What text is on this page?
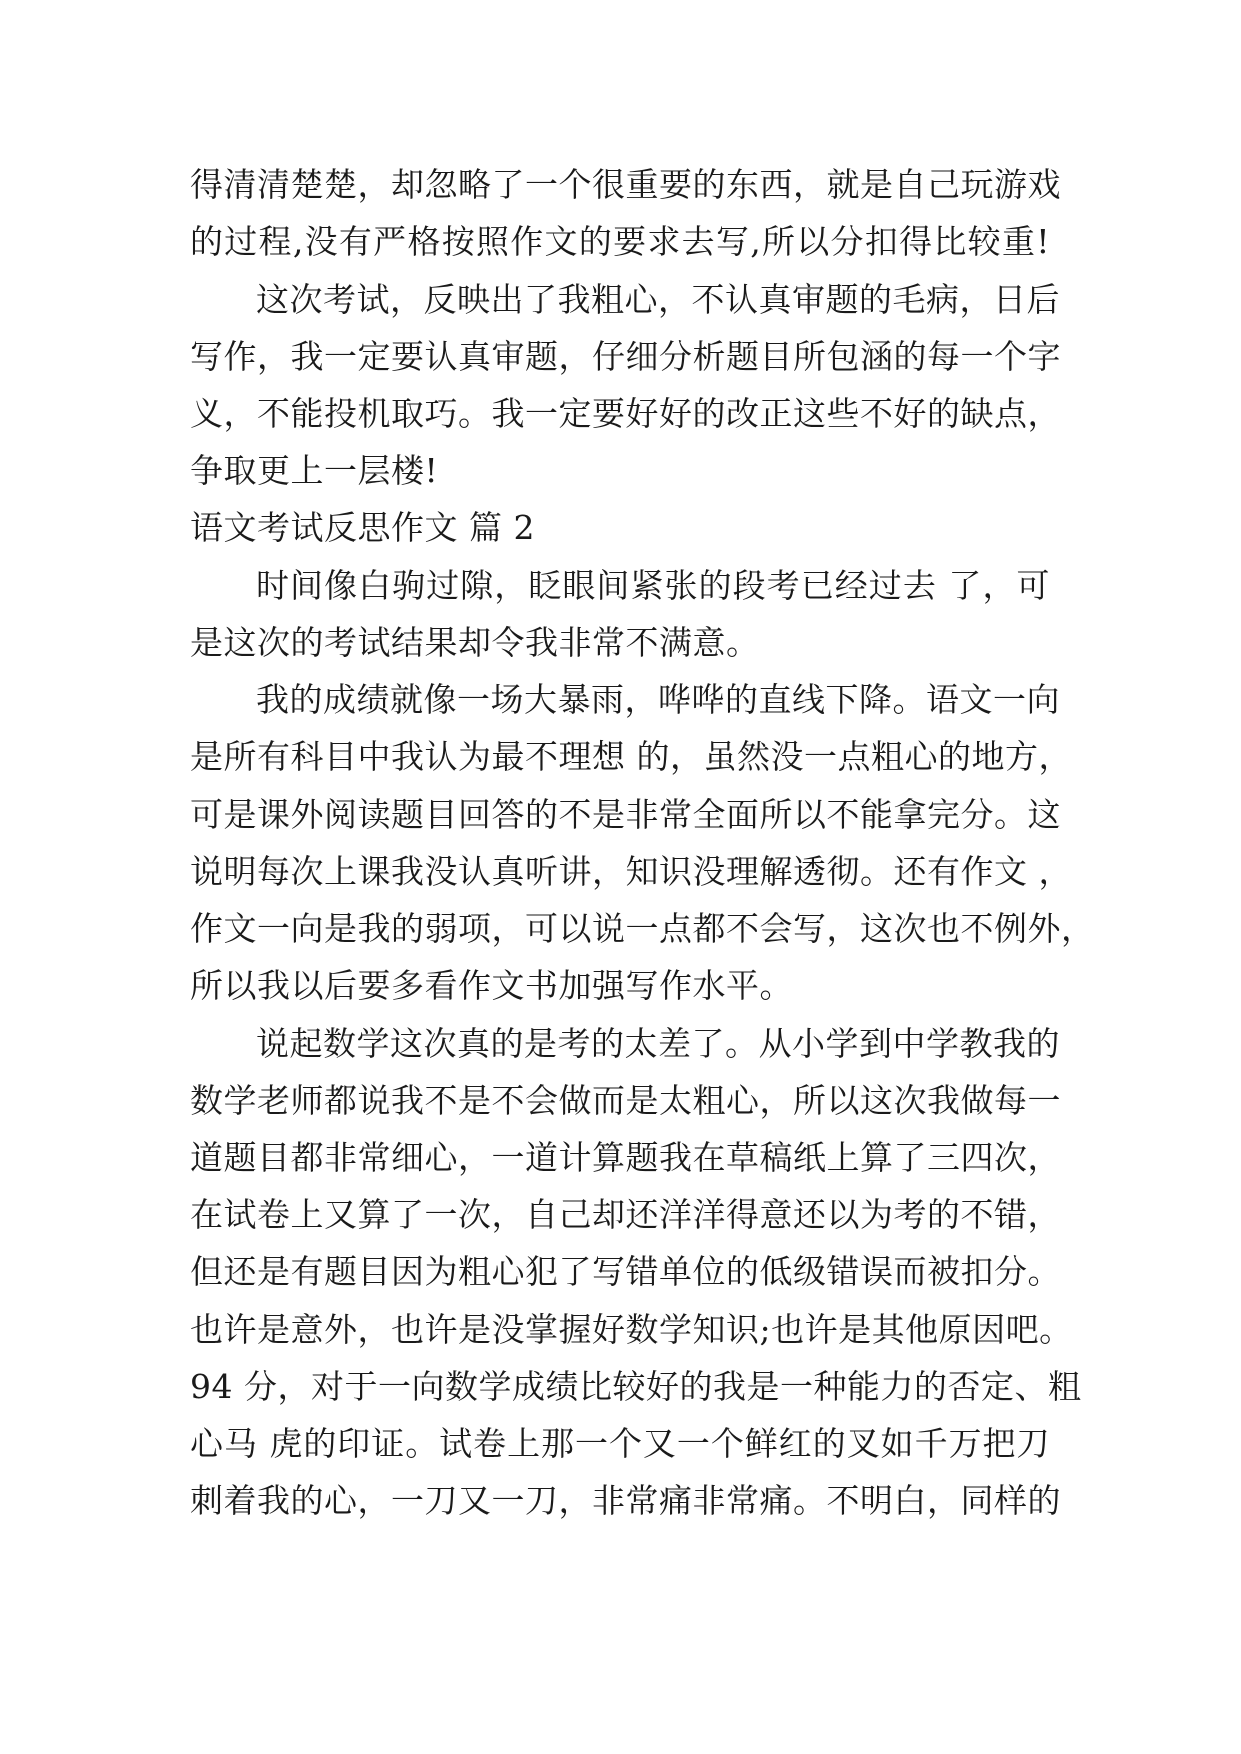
得清清楚楚，却忽略了一个很重要的东西，就是自己玩游戏
的过程,没有严格按照作文的要求去写,所以分扣得比较重!
这次考试，反映出了我粗心，不认真审题的毛病，日后
写作，我一定要认真审题，仔细分析题目所包涵的每一个字
义，不能投机取巧。我一定要好好的改正这些不好的缺点，
争取更上一层楼!
语文考试反思作文 篇 2
时间像白驹过隙，眨眼间紧张的段考已经过去 了，可
是这次的考试结果却令我非常不满意。
我的成绩就像一场大暴雨，哗哗的直线下降。语文一向
是所有科目中我认为最不理想 的，虽然没一点粗心的地方，
可是课外阅读题目回答的不是非常全面所以不能拿完分。这
说明每次上课我没认真听讲，知识没理解透彻。还有作文 ，
作文一向是我的弱项，可以说一点都不会写，这次也不例外，
所以我以后要多看作文书加强写作水平。
说起数学这次真的是考的太差了。从小学到中学教我的
数学老师都说我不是不会做而是太粗心，所以这次我做每一
道题目都非常细心，一道计算题我在草稿纸上算了三四次，
在试卷上又算了一次，自己却还洋洋得意还以为考的不错，
但还是有题目因为粗心犯了写错单位的低级错误而被扣分。
也许是意外，也许是没掌握好数学知识;也许是其他原因吧。
94 分，对于一向数学成绩比较好的我是一种能力的否定、粗
心马 虎的印证。试卷上那一个又一个鲜红的叉如千万把刀
刺着我的心，一刀又一刀，非常痛非常痛。不明白，同样的
